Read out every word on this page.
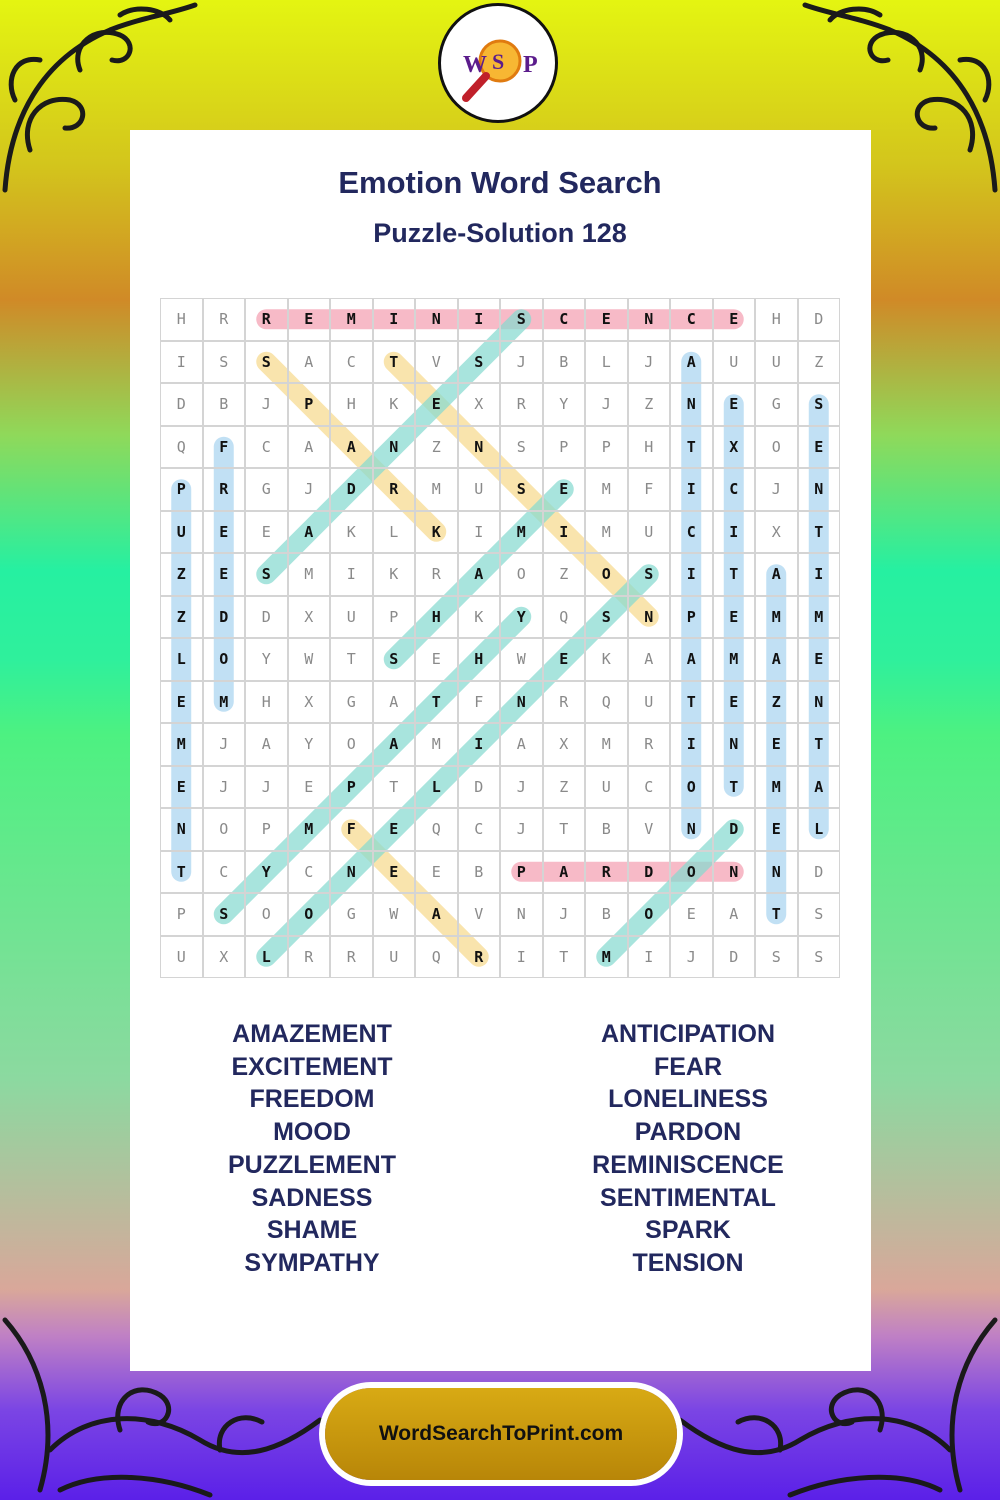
W S P
Emotion Word Search
Puzzle-Solution 128
H	R	R	E	M	I	N	I	S	C	E	N	C	E	H	D
I	S	S	A	C	T	V	S	J	B	L	J	A	U	U	Z
D	B	J	P	H	K	E	X	R	Y	J	Z	N	E	G	S
Q	F	C	A	A	N	Z	N	S	P	P	H	T	X	O	E
P	R	G	J	D	R	M	U	S	E	M	F	I	C	J	N
U	E	E	A	K	L	K	I	M	I	M	U	C	I	X	T
Z	E	S	M	I	K	R	A	O	Z	O	S	I	T	A	I
Z	D	D	X	U	P	H	K	Y	Q	S	N	P	E	M	M
L	O	Y	W	T	S	E	H	W	E	K	A	A	M	A	E
E	M	H	X	G	A	T	F	N	R	Q	U	T	E	Z	N
M	J	A	Y	O	A	M	I	A	X	M	R	I	N	E	T
E	J	J	E	P	T	L	D	J	Z	U	C	O	T	M	A
N	O	P	M	F	E	Q	C	J	T	B	V	N	D	E	L
T	C	Y	C	N	E	E	B	P	A	R	D	O	N	N	D
P	S	O	O	G	W	A	V	N	J	B	O	E	A	T	S
U	X	L	R	R	U	Q	R	I	T	M	I	J	D	S	S
AMAZEMENT
EXCITEMENT
FREEDOM
MOOD
PUZZLEMENT
SADNESS
SHAME
SYMPATHY
ANTICIPATION
FEAR
LONELINESS
PARDON
REMINISCENCE
SENTIMENTAL
SPARK
TENSION
WordSearchToPrint.com
